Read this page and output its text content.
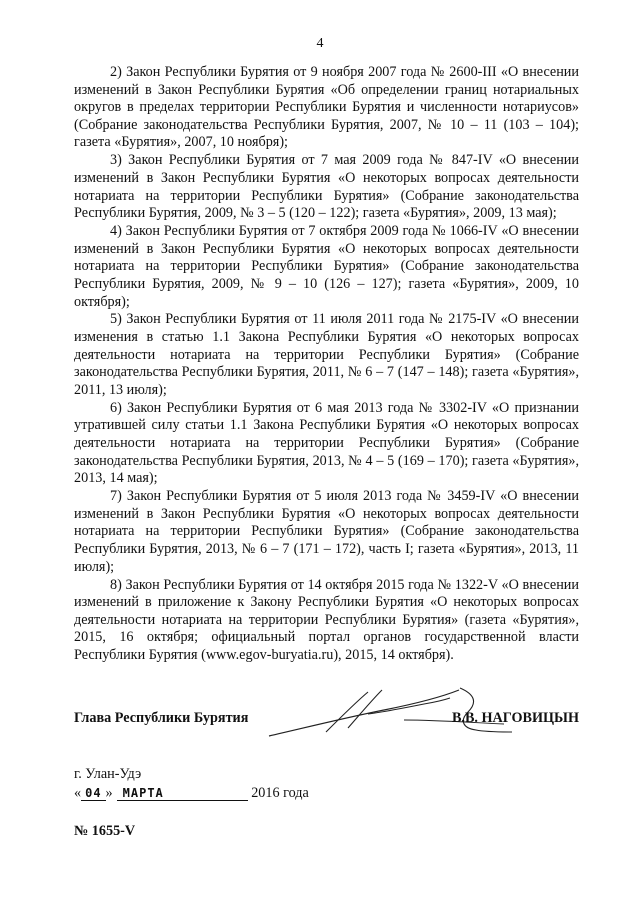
4

2) Закон Республики Бурятия от 9 ноября 2007 года № 2600-III «О внесении изменений в Закон Республики Бурятия «Об определении границ нотариальных округов в пределах территории Республики Бурятия и численности нотариусов» (Собрание законодательства Республики Бурятия, 2007, № 10 – 11 (103 – 104); газета «Бурятия», 2007, 10 ноября);

3) Закон Республики Бурятия от 7 мая 2009 года № 847-IV «О внесении изменений в Закон Республики Бурятия «О некоторых вопросах деятельности нотариата на территории Республики Бурятия» (Собрание законодательства Республики Бурятия, 2009, № 3 – 5 (120 – 122); газета «Бурятия», 2009, 13 мая);

4) Закон Республики Бурятия от 7 октября 2009 года № 1066-IV «О внесении изменений в Закон Республики Бурятия «О некоторых вопросах деятельности нотариата на территории Республики Бурятия» (Собрание законодательства Республики Бурятия, 2009, № 9 – 10 (126 – 127); газета «Бурятия», 2009, 10 октября);

5) Закон Республики Бурятия от 11 июля 2011 года № 2175-IV «О внесении изменения в статью 1.1 Закона Республики Бурятия «О некоторых вопросах деятельности нотариата на территории Республики Бурятия» (Собрание законодательства Республики Бурятия, 2011, № 6 – 7 (147 – 148); газета «Бурятия», 2011, 13 июля);

6) Закон Республики Бурятия от 6 мая 2013 года № 3302-IV «О признании утратившей силу статьи 1.1 Закона Республики Бурятия «О некоторых вопросах деятельности нотариата на территории Республики Бурятия» (Собрание законодательства Республики Бурятия, 2013, № 4 – 5 (169 – 170); газета «Бурятия», 2013, 14 мая);

7) Закон Республики Бурятия от 5 июля 2013 года № 3459-IV «О внесении изменений в Закон Республики Бурятия «О некоторых вопросах деятельности нотариата на территории Республики Бурятия» (Собрание законодательства Республики Бурятия, 2013, № 6 – 7 (171 – 172), часть I; газета «Бурятия», 2013, 11 июля);

8) Закон Республики Бурятия от 14 октября 2015 года № 1322-V «О внесении изменений в приложение к Закону Республики Бурятия «О некоторых вопросах деятельности нотариата на территории Республики Бурятия» (газета «Бурятия», 2015, 16 октября; официальный портал органов государственной власти Республики Бурятия (www.egov-buryatia.ru), 2015, 14 октября).

Глава Республики Бурятия	В.В. НАГОВИЦЫН
г. Улан-Удэ
« 04 » МАРТА	2016 года
№ 1655-V
